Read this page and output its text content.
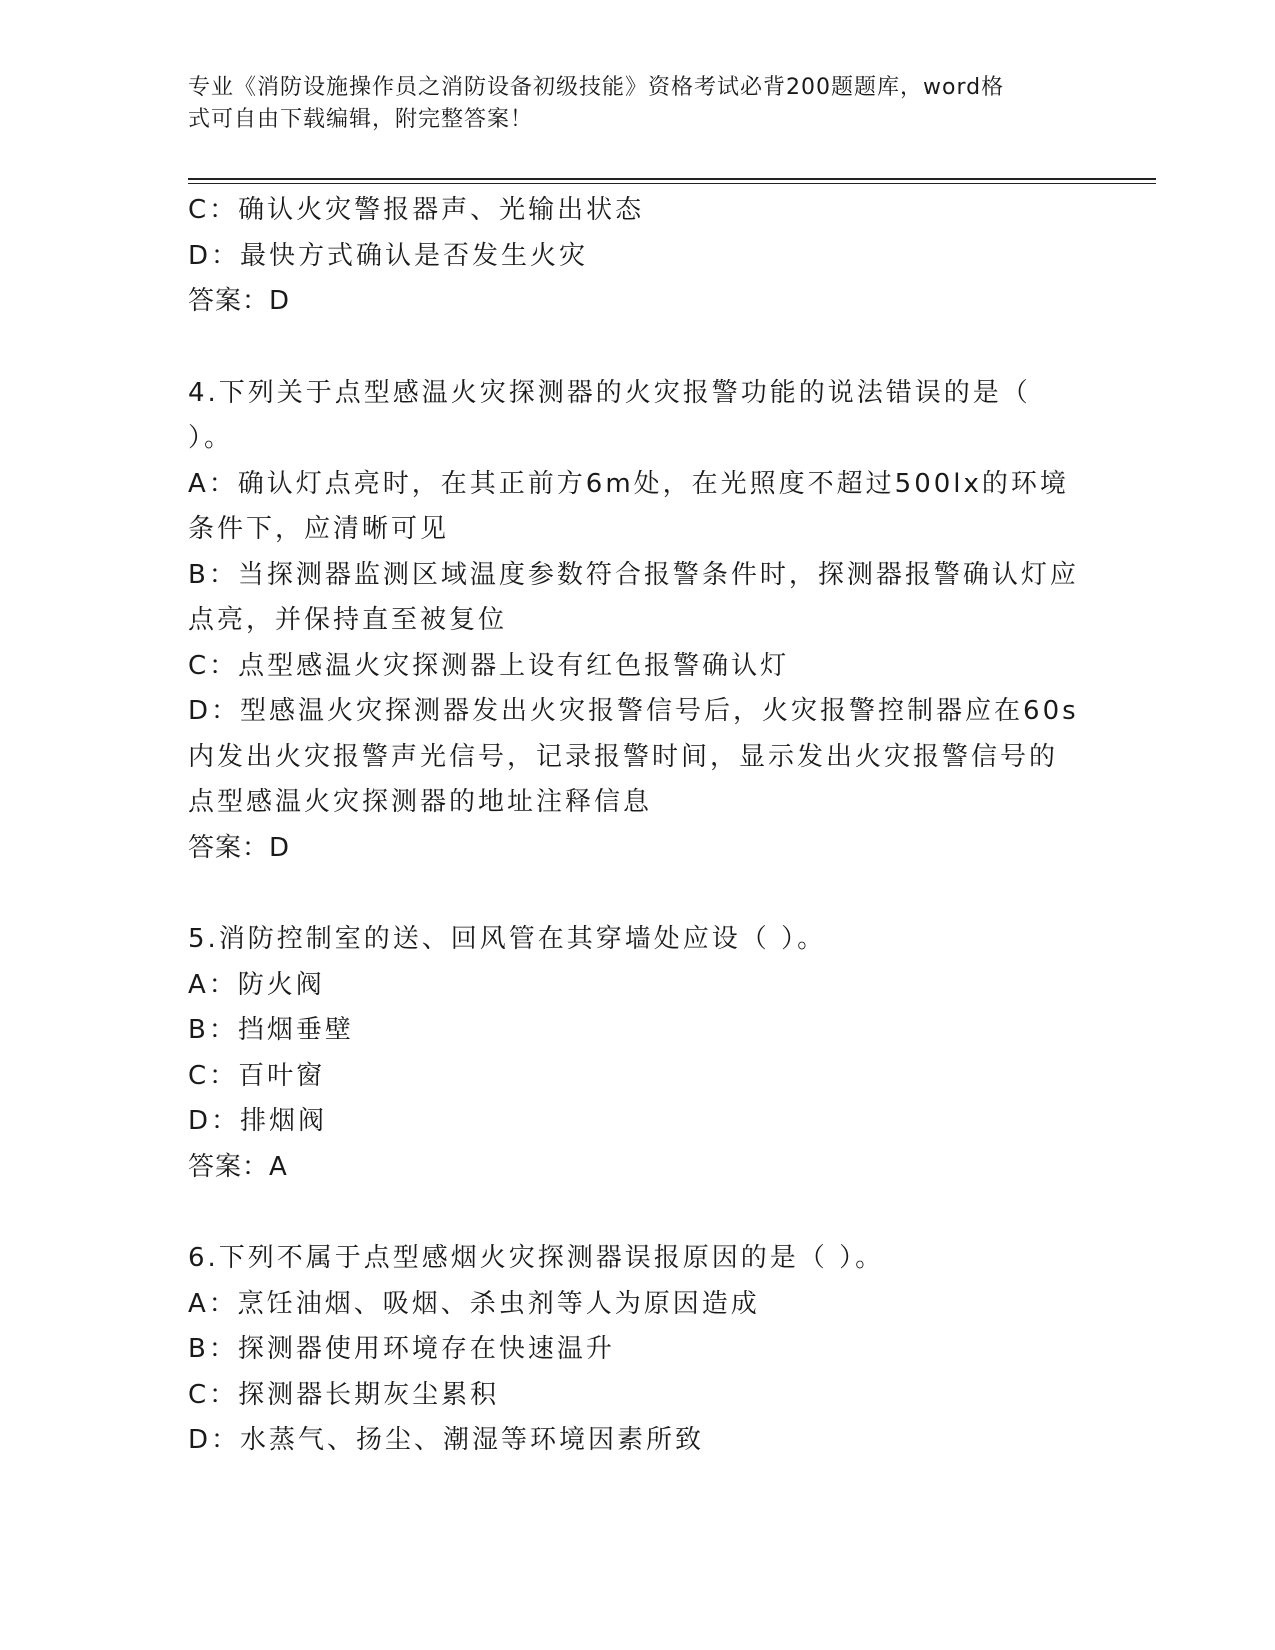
专业《消防设施操作员之消防设备初级技能》资格考试必背200题题库，word格
式可自由下载编辑，附完整答案！
C：确认火灾警报器声、光输出状态
D：最快方式确认是否发生火灾
答案：D
4.下列关于点型感温火灾探测器的火灾报警功能的说法错误的是（
）。
A：确认灯点亮时，在其正前方6m处，在光照度不超过500lx的环境
条件下，应清晰可见
B：当探测器监测区域温度参数符合报警条件时，探测器报警确认灯应
点亮，并保持直至被复位
C：点型感温火灾探测器上设有红色报警确认灯
D：型感温火灾探测器发出火灾报警信号后，火灾报警控制器应在60s
内发出火灾报警声光信号，记录报警时间，显示发出火灾报警信号的
点型感温火灾探测器的地址注释信息
答案：D
5.消防控制室的送、回风管在其穿墙处应设（ ）。
A：防火阀
B：挡烟垂壁
C：百叶窗
D：排烟阀
答案：A
6.下列不属于点型感烟火灾探测器误报原因的是（ ）。
A：烹饪油烟、吸烟、杀虫剂等人为原因造成
B：探测器使用环境存在快速温升
C：探测器长期灰尘累积
D：水蒸气、扬尘、潮湿等环境因素所致
